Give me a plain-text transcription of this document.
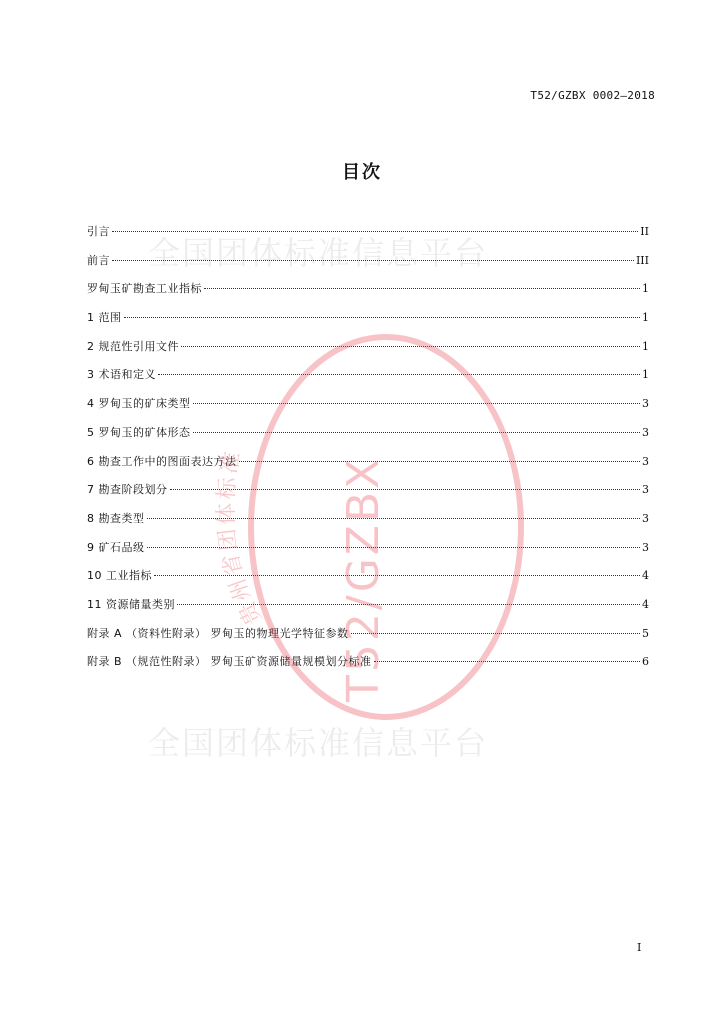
全国团体标准信息平台
全国团体标准信息平台
T52/GZBX 0002—2018
目次
引言	II
前言	III
罗甸玉矿勘查工业指标	1
1 范围	1
2 规范性引用文件	1
3 术语和定义	1
4 罗甸玉的矿床类型	3
5 罗甸玉的矿体形态	3
6 勘查工作中的图面表达方法	3
7 勘查阶段划分	3
8 勘查类型	3
9 矿石品级	3
10 工业指标	4
11 资源储量类别	4
附录 A （资料性附录） 罗甸玉的物理光学特征参数	5
附录 B （规范性附录） 罗甸玉矿资源储量规模划分标准	6
贵州省团体标准	T52/GZBX
I
